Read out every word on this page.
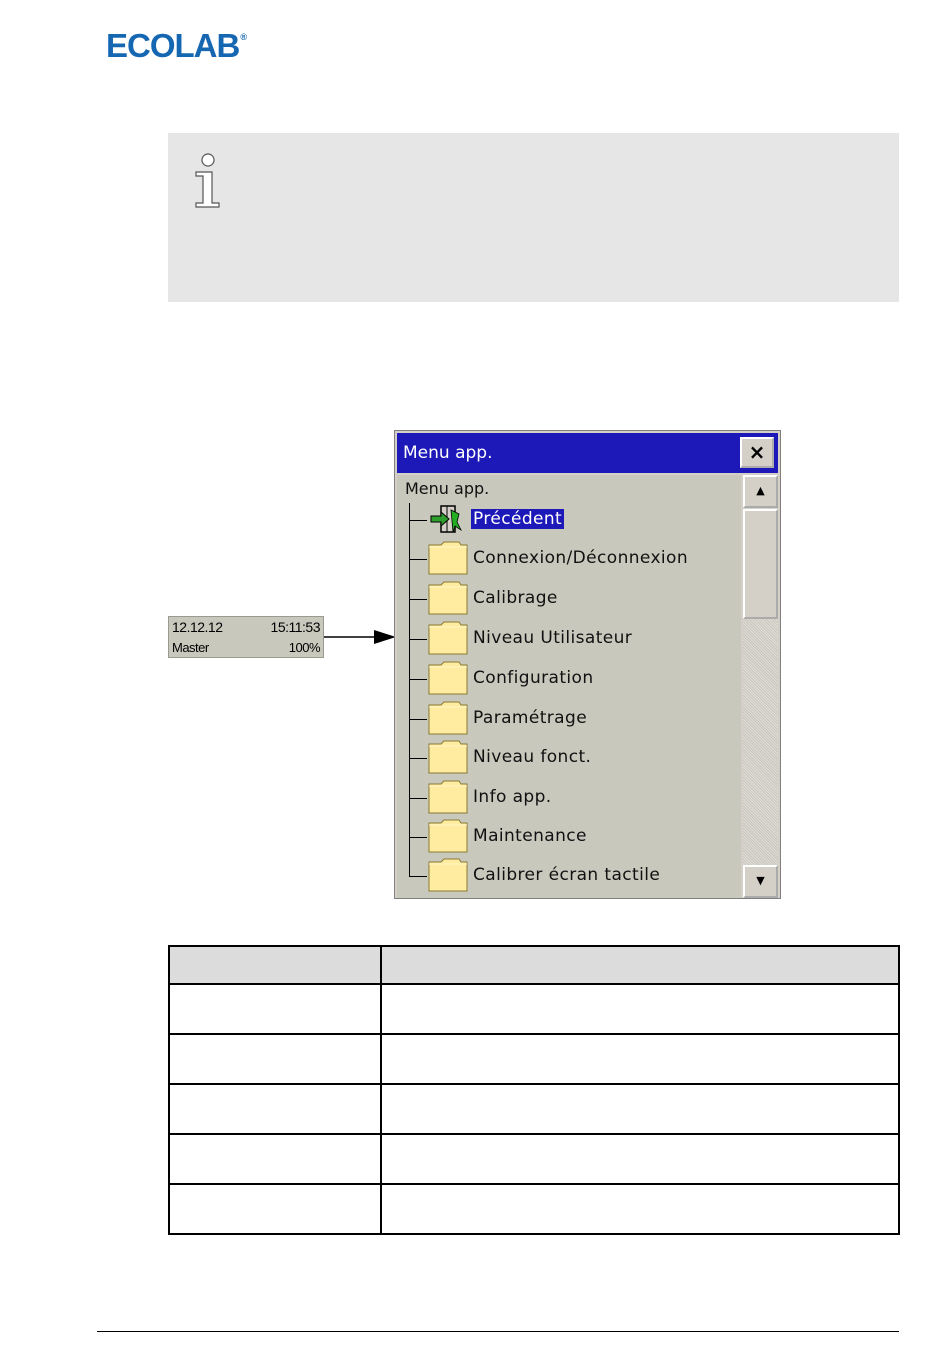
ECOLAB ®
12.12.12	15:11:53
Master	100%
Menu app.	×
Menu app.
Précédent
Connexion/Déconnexion
Calibrage
Niveau Utilisateur
Configuration
Paramétrage
Niveau fonct.
Info app.
Maintenance
Calibrer écran tactile
▲
▼
